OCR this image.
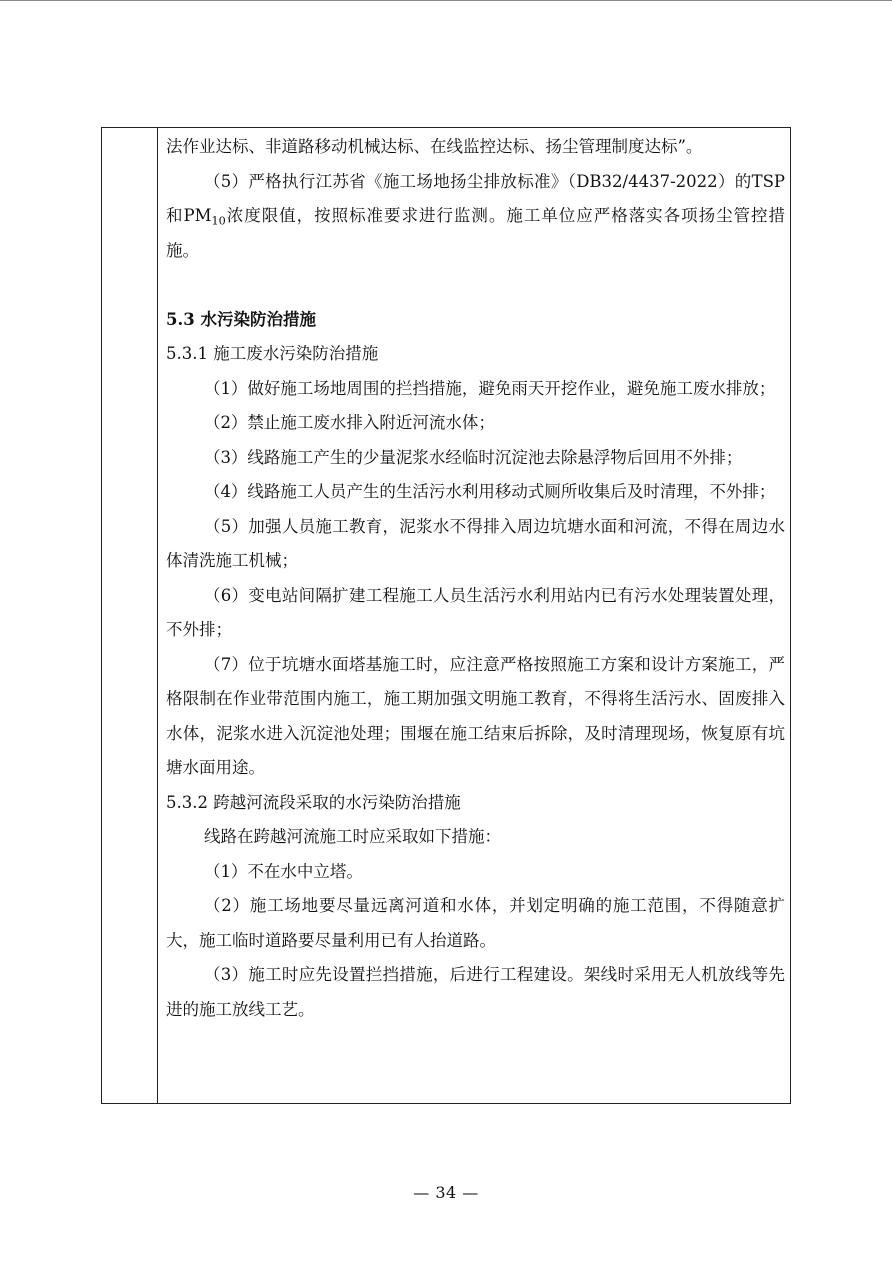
法作业达标、非道路移动机械达标、在线监控达标、扬尘管理制度达标”。

（5）严格执行江苏省《施工场地扬尘排放标准》（DB32/4437-2022）的TSP和$PM_{10}$浓度限值，按照标准要求进行监测。施工单位应严格落实各项扬尘管控措施。

5.3 水污染防治措施

5.3.1 施工废水污染防治措施

（1）做好施工场地周围的拦挡措施，避免雨天开挖作业，避免施工废水排放；

（2）禁止施工废水排入附近河流水体；

（3）线路施工产生的少量泥浆水经临时沉淀池去除悬浮物后回用不外排；

（4）线路施工人员产生的生活污水利用移动式厕所收集后及时清理，不外排；

（5）加强人员施工教育，泥浆水不得排入周边坑塘水面和河流，不得在周边水体清洗施工机械；

（6）变电站间隔扩建工程施工人员生活污水利用站内已有污水处理装置处理，不外排；

（7）位于坑塘水面塔基施工时，应注意严格按照施工方案和设计方案施工，严格限制在作业带范围内施工，施工期加强文明施工教育，不得将生活污水、固废排入水体，泥浆水进入沉淀池处理；围堰在施工结束后拆除，及时清理现场，恢复原有坑塘水面用途。

5.3.2 跨越河流段采取的水污染防治措施

线路在跨越河流施工时应采取如下措施：

（1）不在水中立塔。

（2）施工场地要尽量远离河道和水体，并划定明确的施工范围，不得随意扩大，施工临时道路要尽量利用已有人抬道路。

（3）施工时应先设置拦挡措施，后进行工程建设。架线时采用无人机放线等先进的施工放线工艺。

— 34 —
